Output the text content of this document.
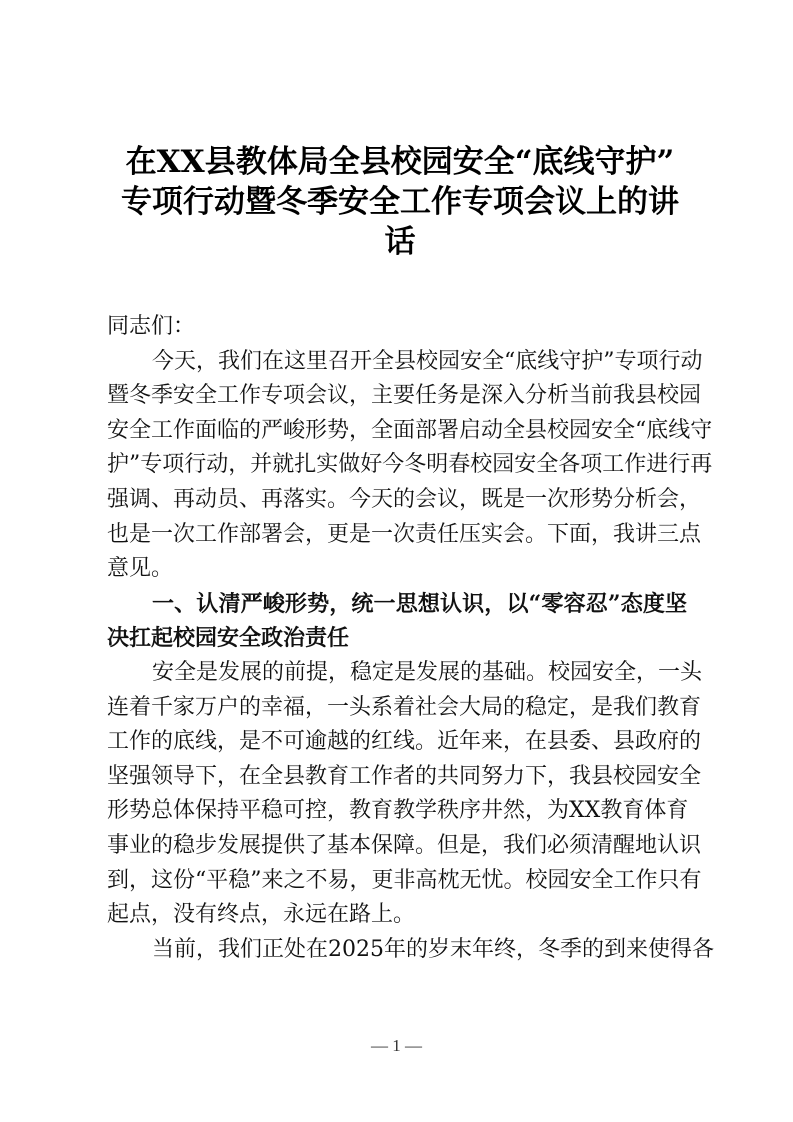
在XX县教体局全县校园安全“底线守护”
专项行动暨冬季安全工作专项会议上的讲
话

同志们：

今天，我们在这里召开全县校园安全“底线守护”专项行动
暨冬季安全工作专项会议，主要任务是深入分析当前我县校园
安全工作面临的严峻形势，全面部署启动全县校园安全“底线守
护”专项行动，并就扎实做好今冬明春校园安全各项工作进行再
强调、再动员、再落实。今天的会议，既是一次形势分析会，
也是一次工作部署会，更是一次责任压实会。下面，我讲三点
意见。

一、认清严峻形势，统一思想认识，以“零容忍”态度坚
决扛起校园安全政治责任

安全是发展的前提，稳定是发展的基础。校园安全，一头
连着千家万户的幸福，一头系着社会大局的稳定，是我们教育
工作的底线，是不可逾越的红线。近年来，在县委、县政府的
坚强领导下，在全县教育工作者的共同努力下，我县校园安全
形势总体保持平稳可控，教育教学秩序井然，为XX教育体育
事业的稳步发展提供了基本保障。但是，我们必须清醒地认识
到，这份“平稳”来之不易，更非高枕无忧。校园安全工作只有
起点，没有终点，永远在路上。

当前，我们正处在2025年的岁末年终，冬季的到来使得各

— 1 —
